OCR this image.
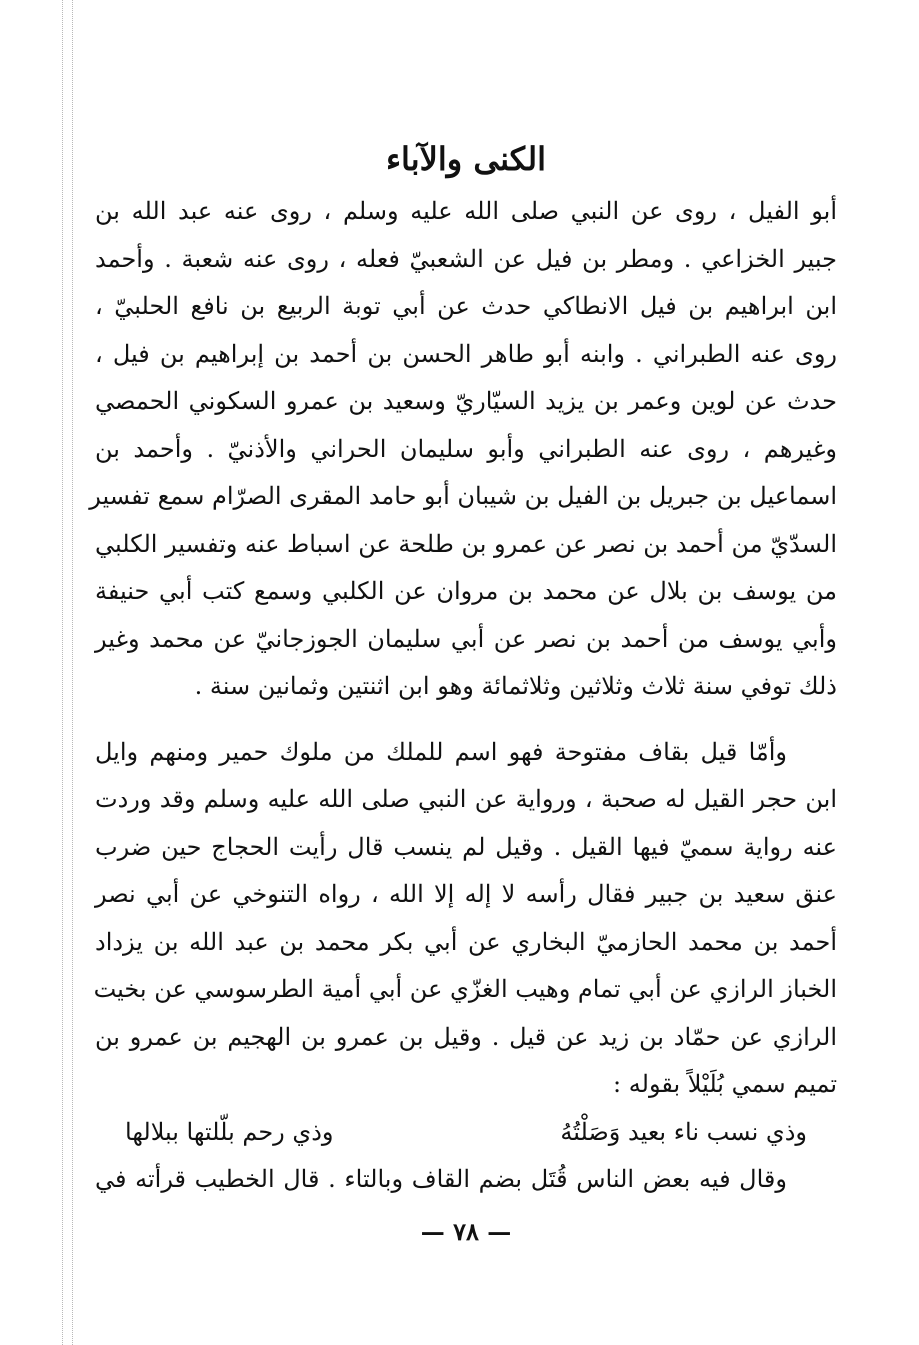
الكنى والآباء
أبو الفيل ، روى عن النبي صلى الله عليه وسلم ، روى عنه عبد الله بن
جبير الخزاعي . ومطر بن فيل عن الشعبيّ فعله ، روى عنه شعبة . وأحمد
ابن ابراهيم بن فيل الانطاكي حدث عن أبي توبة الربيع بن نافع الحلبيّ ،
روى عنه الطبراني . وابنه أبو طاهر الحسن بن أحمد بن إبراهيم بن فيل ،
حدث عن لوين وعمر بن يزيد السيّاريّ وسعيد بن عمرو السكوني الحمصي
وغيرهم ، روى عنه الطبراني وأبو سليمان الحراني والأذنيّ . وأحمد بن
اسماعيل بن جبريل بن الفيل بن شيبان أبو حامد المقرى الصرّام سمع تفسير
السدّيّ من أحمد بن نصر عن عمرو بن طلحة عن اسباط عنه وتفسير الكلبي
من يوسف بن بلال عن محمد بن مروان عن الكلبي وسمع كتب أبي حنيفة
وأبي يوسف من أحمد بن نصر عن أبي سليمان الجوزجانيّ عن محمد وغير
ذلك توفي سنة ثلاث وثلاثين وثلاثمائة وهو ابن اثنتين وثمانين سنة .
وأمّا قيل بقاف مفتوحة فهو اسم للملك من ملوك حمير ومنهم وايل
ابن حجر القيل له صحبة ، ورواية عن النبي صلى الله عليه وسلم وقد وردت
عنه رواية سميّ فيها القيل . وقيل لم ينسب قال رأيت الحجاج حين ضرب
عنق سعيد بن جبير فقال رأسه لا إله إلا الله ، رواه التنوخي عن أبي نصر
أحمد بن محمد الحازميّ البخاري عن أبي بكر محمد بن عبد الله بن يزداد
الخباز الرازي عن أبي تمام وهيب الغزّي عن أبي أمية الطرسوسي عن بخيت
الرازي عن حمّاد بن زيد عن قيل . وقيل بن عمرو بن الهجيم بن عمرو بن
تميم سمي بُلَيْلاً بقوله :
وذي نسب ناء بعيد وَصَلْتُهُ
وذي رحم بلّلتها ببلالها
وقال فيه بعض الناس قُتَل بضم القاف وبالتاء . قال الخطيب قرأته في
— ٧٨ —
